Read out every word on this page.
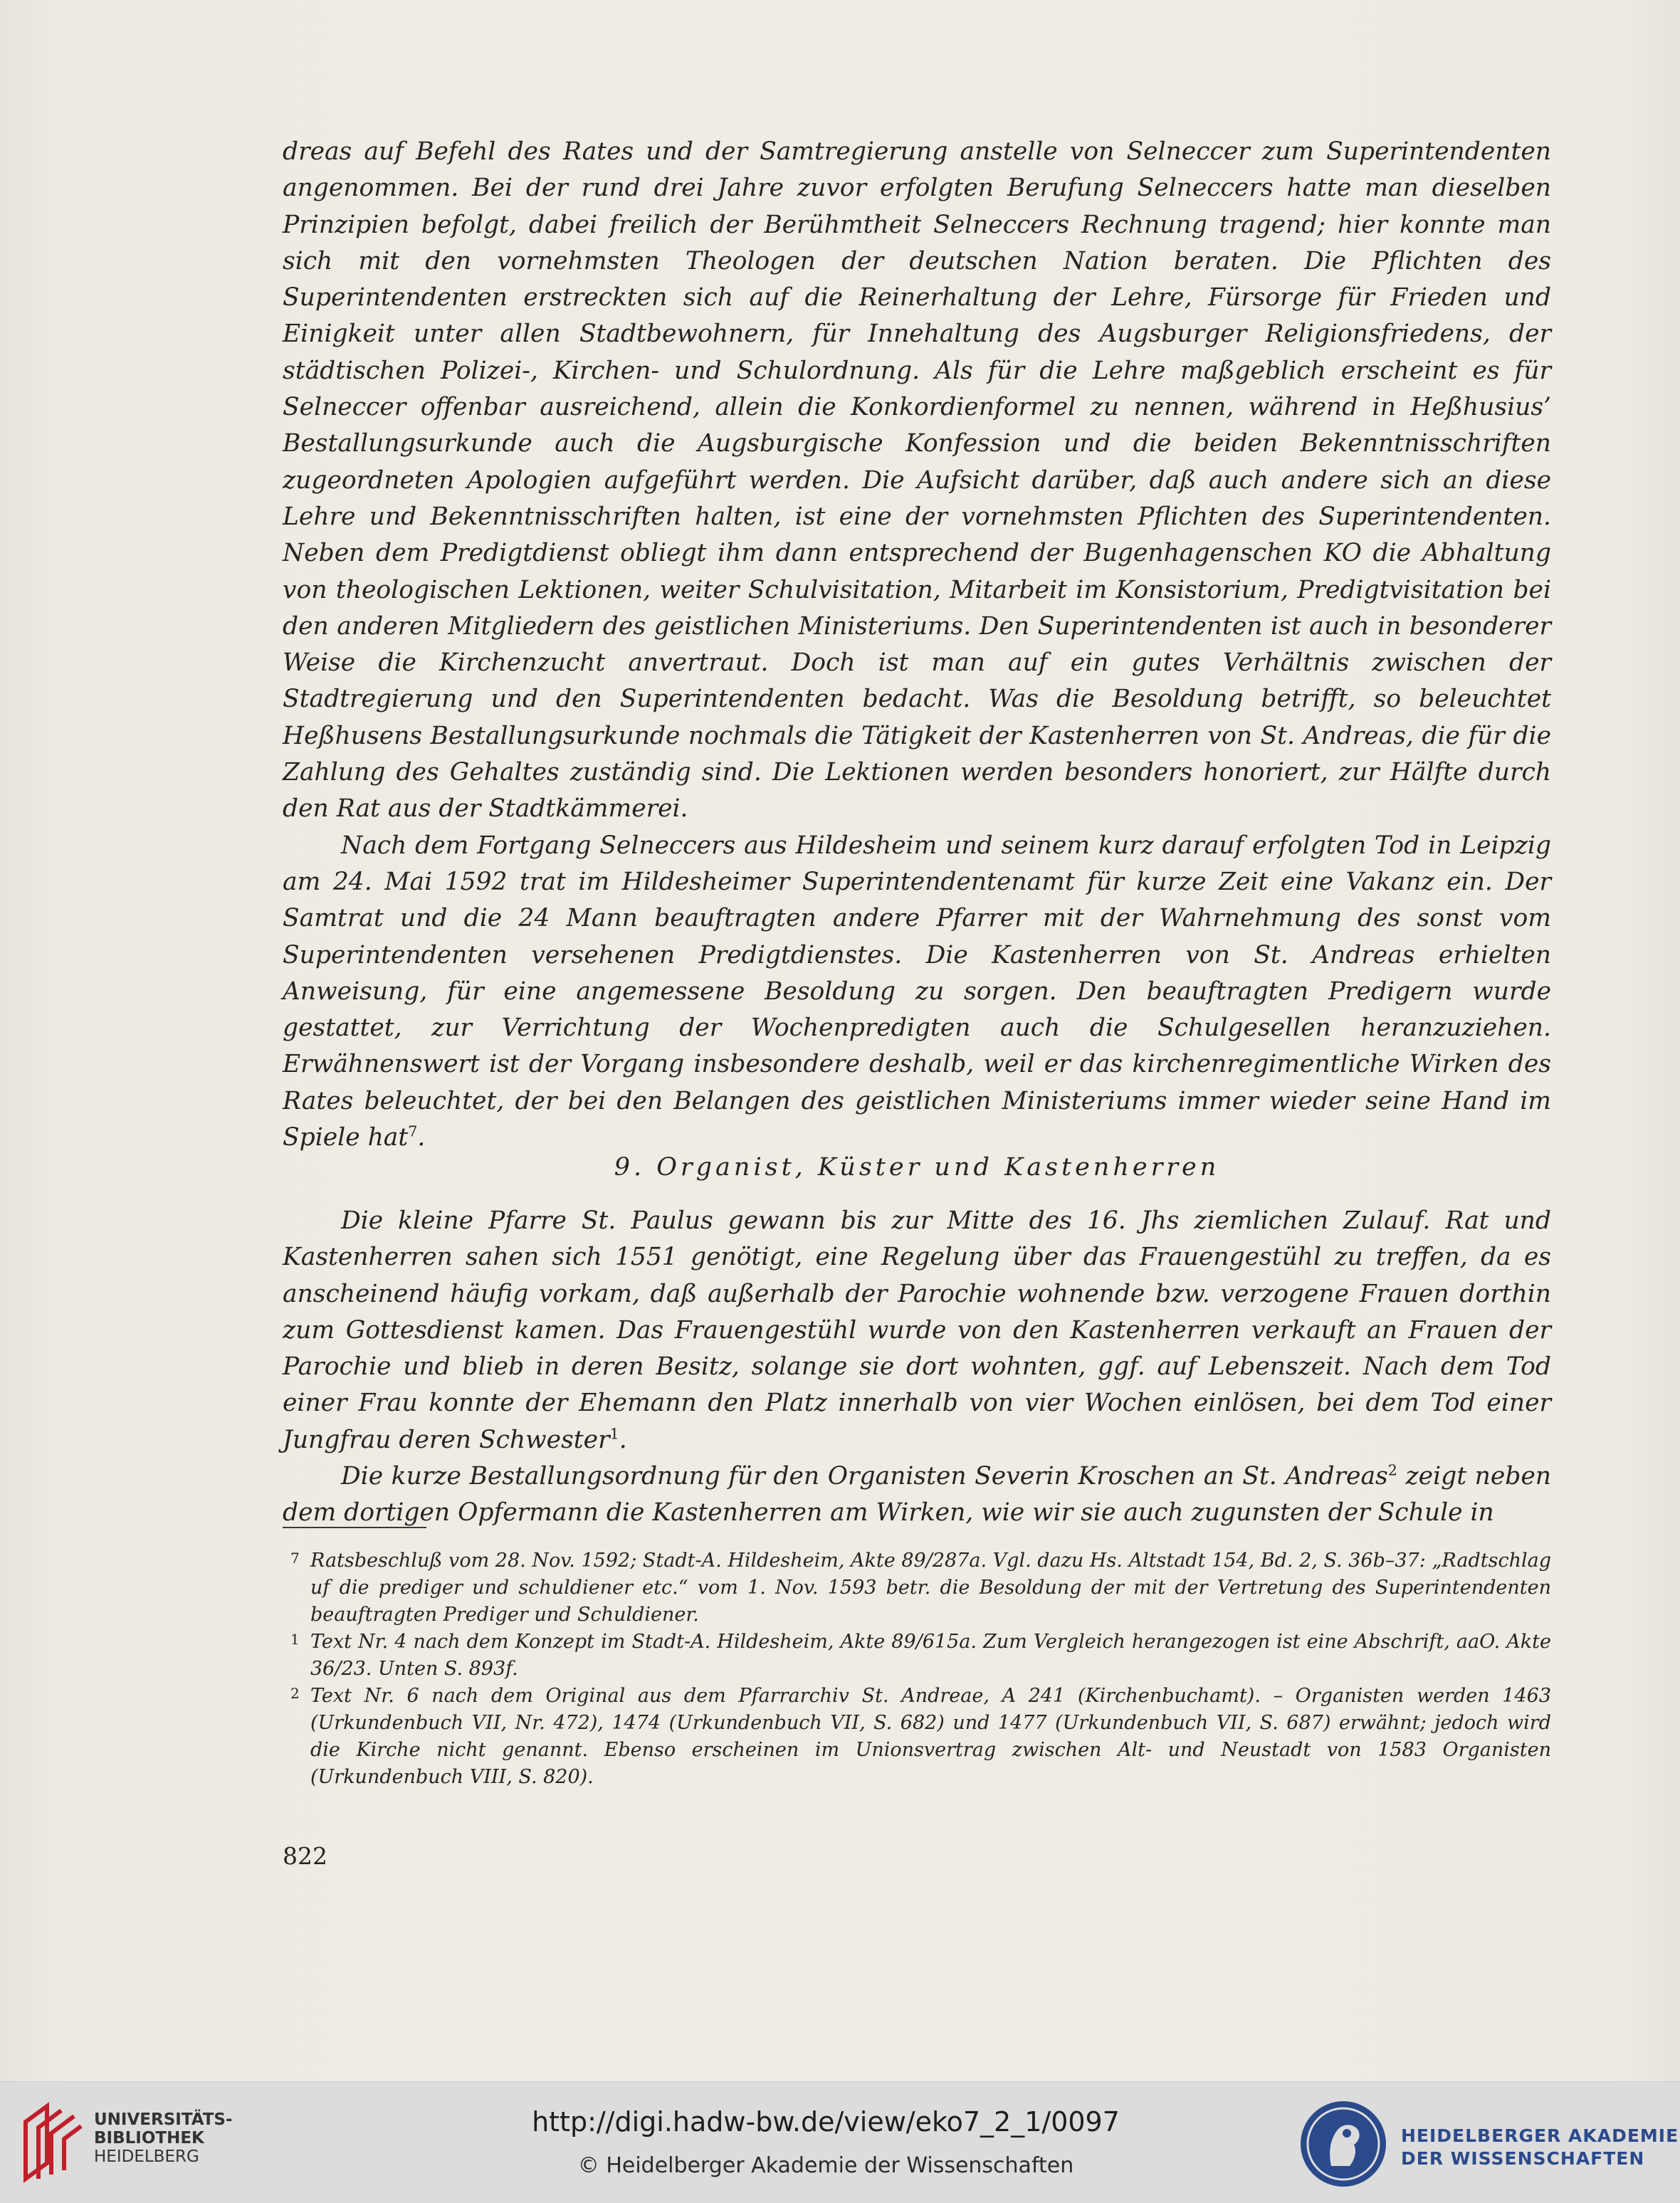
dreas auf Befehl des Rates und der Samtregierung anstelle von Selneccer zum Superintendenten angenommen. Bei der rund drei Jahre zuvor erfolgten Berufung Selneccers hatte man dieselben Prinzipien befolgt, dabei freilich der Berühmtheit Selneccers Rechnung tragend; hier konnte man sich mit den vornehmsten Theologen der deutschen Nation beraten. Die Pflichten des Superintendenten erstreckten sich auf die Reinerhaltung der Lehre, Fürsorge für Frieden und Einigkeit unter allen Stadtbewohnern, für Innehaltung des Augsburger Religionsfriedens, der städtischen Polizei-, Kirchen- und Schulordnung. Als für die Lehre maßgeblich erscheint es für Selneccer offenbar ausreichend, allein die Konkordienformel zu nennen, während in Heßhusius’ Bestallungsurkunde auch die Augsburgische Konfession und die beiden Bekenntnisschriften zugeordneten Apologien aufgeführt werden. Die Aufsicht darüber, daß auch andere sich an diese Lehre und Bekenntnisschriften halten, ist eine der vornehmsten Pflichten des Superintendenten. Neben dem Predigtdienst obliegt ihm dann entsprechend der Bugenhagenschen KO die Abhaltung von theologischen Lektionen, weiter Schulvisitation, Mitarbeit im Konsistorium, Predigtvisitation bei den anderen Mitgliedern des geistlichen Ministeriums. Den Superintendenten ist auch in besonderer Weise die Kirchenzucht anvertraut. Doch ist man auf ein gutes Verhältnis zwischen der Stadtregierung und den Superintendenten bedacht. Was die Besoldung betrifft, so beleuchtet Heßhusens Bestallungsurkunde nochmals die Tätigkeit der Kastenherren von St. Andreas, die für die Zahlung des Gehaltes zuständig sind. Die Lektionen werden besonders honoriert, zur Hälfte durch den Rat aus der Stadtkämmerei.

Nach dem Fortgang Selneccers aus Hildesheim und seinem kurz darauf erfolgten Tod in Leipzig am 24. Mai 1592 trat im Hildesheimer Superintendentenamt für kurze Zeit eine Vakanz ein. Der Samtrat und die 24 Mann beauftragten andere Pfarrer mit der Wahrnehmung des sonst vom Superintendenten versehenen Predigtdienstes. Die Kastenherren von St. Andreas erhielten Anweisung, für eine angemessene Besoldung zu sorgen. Den beauftragten Predigern wurde gestattet, zur Verrichtung der Wochenpredigten auch die Schulgesellen heranzuziehen. Erwähnenswert ist der Vorgang insbesondere deshalb, weil er das kirchenregimentliche Wirken des Rates beleuchtet, der bei den Belangen des geistlichen Ministeriums immer wieder seine Hand im Spiele hat$^7$.

9. Organist, Küster und Kastenherren

Die kleine Pfarre St. Paulus gewann bis zur Mitte des 16. Jhs ziemlichen Zulauf. Rat und Kastenherren sahen sich 1551 genötigt, eine Regelung über das Frauengestühl zu treffen, da es anscheinend häufig vorkam, daß außerhalb der Parochie wohnende bzw. verzogene Frauen dorthin zum Gottesdienst kamen. Das Frauengestühl wurde von den Kastenherren verkauft an Frauen der Parochie und blieb in deren Besitz, solange sie dort wohnten, ggf. auf Lebenszeit. Nach dem Tod einer Frau konnte der Ehemann den Platz innerhalb von vier Wochen einlösen, bei dem Tod einer Jungfrau deren Schwester$^1$.

Die kurze Bestallungsordnung für den Organisten Severin Kroschen an St. Andreas$^2$ zeigt neben dem dortigen Opfermann die Kastenherren am Wirken, wie wir sie auch zugunsten der Schule in

7 Ratsbeschluß vom 28. Nov. 1592; Stadt-A. Hildesheim, Akte 89/287a. Vgl. dazu Hs. Altstadt 154, Bd. 2, S. 36b–37: „Radtschlag uf die prediger und schuldiener etc.“ vom 1. Nov. 1593 betr. die Besoldung der mit der Vertretung des Superintendenten beauftragten Prediger und Schuldiener.
1 Text Nr. 4 nach dem Konzept im Stadt-A. Hildesheim, Akte 89/615a. Zum Vergleich herangezogen ist eine Abschrift, aaO. Akte 36/23. Unten S. 893f.
2 Text Nr. 6 nach dem Original aus dem Pfarrarchiv St. Andreae, A 241 (Kirchenbuchamt). – Organisten werden 1463 (Urkundenbuch VII, Nr. 472), 1474 (Urkundenbuch VII, S. 682) und 1477 (Urkundenbuch VII, S. 687) erwähnt; jedoch wird die Kirche nicht genannt. Ebenso erscheinen im Unionsvertrag zwischen Alt- und Neustadt von 1583 Organisten (Urkundenbuch VIII, S. 820).
822
UNIVERSITÄTS-
BIBLIOTHEK
HEIDELBERG
http://digi.hadw-bw.de/view/eko7_2_1/0097
© Heidelberger Akademie der Wissenschaften
HEIDELBERGER AKADEMIE
DER WISSENSCHAFTEN
